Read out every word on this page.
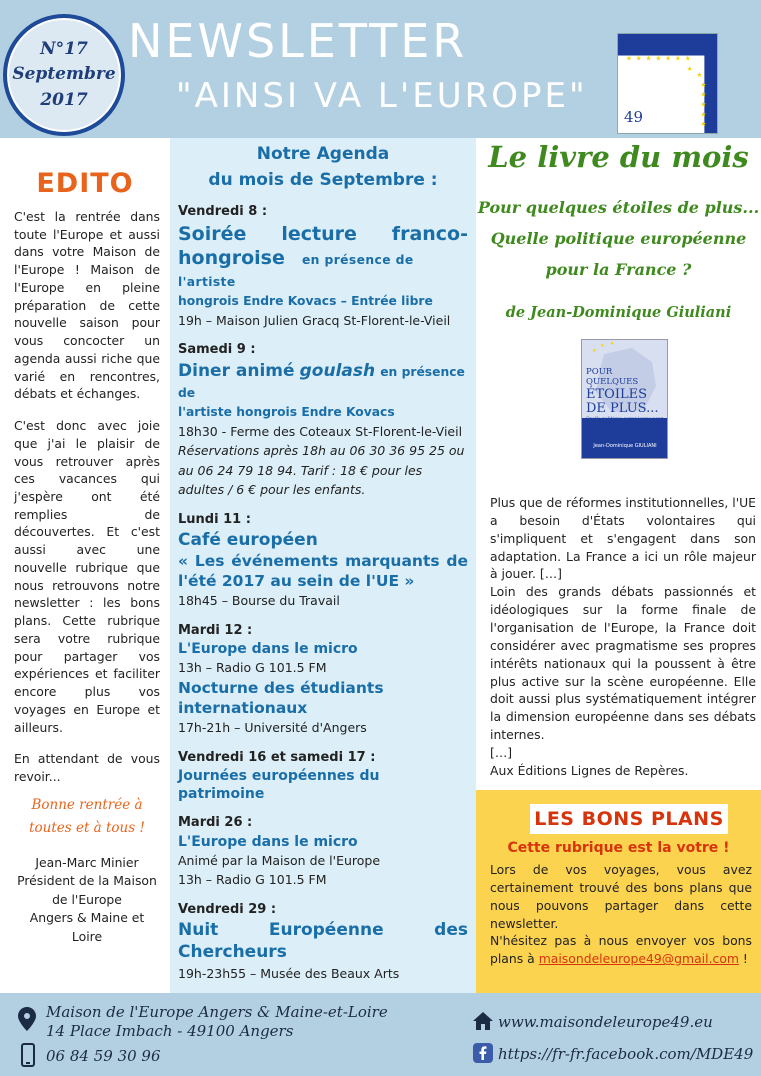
N°17
Septembre
2017
NEWSLETTER
"AINSI VA L'EUROPE"
★ ★ ★ ★ ★ ★ ★
★
★
★
★
★
★
★
49
EDITO

C'est la rentrée dans toute l'Europe et aussi dans votre Maison de l'Europe ! Maison de l'Europe en pleine préparation de cette nouvelle saison pour vous concocter un agenda aussi riche que varié en rencontres, débats et échanges.

C'est donc avec joie que j'ai le plaisir de vous retrouver après ces vacances qui j'espère ont été remplies de découvertes. Et c'est aussi avec une nouvelle rubrique que nous retrouvons notre newsletter : les bons plans. Cette rubrique sera votre rubrique pour partager vos expériences et faciliter encore plus vos voyages en Europe et ailleurs.

En attendant de vous revoir...

Bonne rentrée à
toutes et à tous !
Jean-Marc Minier
Président de la Maison
de l'Europe
Angers & Maine et
Loire
Notre Agenda
du mois de Septembre :
Vendredi 8 :
Soirée lecture franco-
hongroise en présence de l'artiste
hongrois Endre Kovacs – Entrée libre
19h – Maison Julien Gracq St-Florent-le-Vieil
Samedi 9 :
Diner animé goulash en présence de
l'artiste hongrois Endre Kovacs
18h30 - Ferme des Coteaux St-Florent-le-Vieil
Réservations après 18h au 06 30 36 95 25 ou au 06 24 79 18 94. Tarif : 18 € pour les adultes / 6 € pour les enfants.
Lundi 11 :
Café européen
« Les événements marquants de
l'été 2017 au sein de l'UE »
18h45 – Bourse du Travail
Mardi 12 :
L'Europe dans le micro
13h – Radio G 101.5 FM
Nocturne des étudiants
internationaux
17h-21h – Université d'Angers
Vendredi 16 et samedi 17 :
Journées européennes du patrimoine
Mardi 26 :
L'Europe dans le micro
Animé par la Maison de l'Europe
13h – Radio G 101.5 FM
Vendredi 29 :
Nuit Européenne des
Chercheurs
19h-23h55 – Musée des Beaux Arts
Le livre du mois
Pour quelques étoiles de plus...
Quelle politique européenne
pour la France ?
de Jean-Dominique Giuliani
★
★ ★
POUR QUELQUES
ÉTOILES
DE PLUS...
Jean-Dominique GIULIANI
Plus que de réformes institutionnelles, l'UE a besoin d'États volontaires qui s'impliquent et s'engagent dans son adaptation. La France a ici un rôle majeur à jouer. […]
Loin des grands débats passionnés et idéologiques sur la forme finale de l'organisation de l'Europe, la France doit considérer avec pragmatisme ses propres intérêts nationaux qui la poussent à être plus active sur la scène européenne. Elle doit aussi plus systématiquement intégrer la dimension européenne dans ses débats internes.
[…]
Aux Éditions Lignes de Repères.
LES BONS PLANS
Cette rubrique est la votre !
Lors de vos voyages, vous avez certainement trouvé des bons plans que nous pouvons partager dans cette newsletter.
N'hésitez pas à nous envoyer vos bons plans à maisondeleurope49@gmail.com !
Maison de l'Europe Angers & Maine-et-Loire
14 Place Imbach - 49100 Angers
06 84 59 30 96
www.maisondeleurope49.eu
https://fr-fr.facebook.com/MDE49
